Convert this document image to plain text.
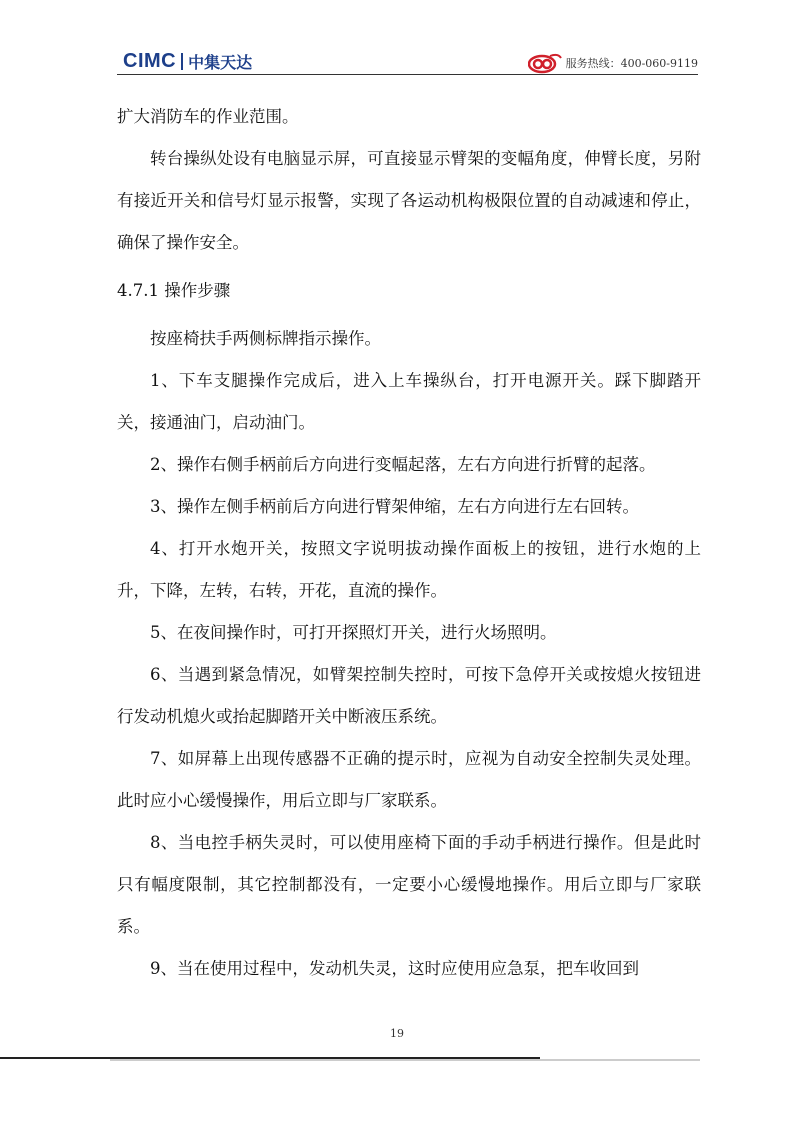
CIMC 中集天达	服务热线： 400-060-9119

扩大消防车的作业范围。

转台操纵处设有电脑显示屏，可直接显示臂架的变幅角度，伸臂长度，另附有接近开关和信号灯显示报警，实现了各运动机构极限位置的自动减速和停止，确保了操作安全。

4.7.1 操作步骤

按座椅扶手两侧标牌指示操作。

1、下车支腿操作完成后，进入上车操纵台，打开电源开关。踩下脚踏开关，接通油门，启动油门。

2、操作右侧手柄前后方向进行变幅起落，左右方向进行折臂的起落。

3、操作左侧手柄前后方向进行臂架伸缩，左右方向进行左右回转。

4、打开水炮开关，按照文字说明拔动操作面板上的按钮，进行水炮的上升，下降，左转，右转，开花，直流的操作。

5、在夜间操作时，可打开探照灯开关，进行火场照明。

6、当遇到紧急情况，如臂架控制失控时，可按下急停开关或按熄火按钮进行发动机熄火或抬起脚踏开关中断液压系统。

7、如屏幕上出现传感器不正确的提示时，应视为自动安全控制失灵处理。此时应小心缓慢操作，用后立即与厂家联系。

8、当电控手柄失灵时，可以使用座椅下面的手动手柄进行操作。但是此时只有幅度限制，其它控制都没有，一定要小心缓慢地操作。用后立即与厂家联系。

9、当在使用过程中，发动机失灵，这时应使用应急泵，把车收回到

19
